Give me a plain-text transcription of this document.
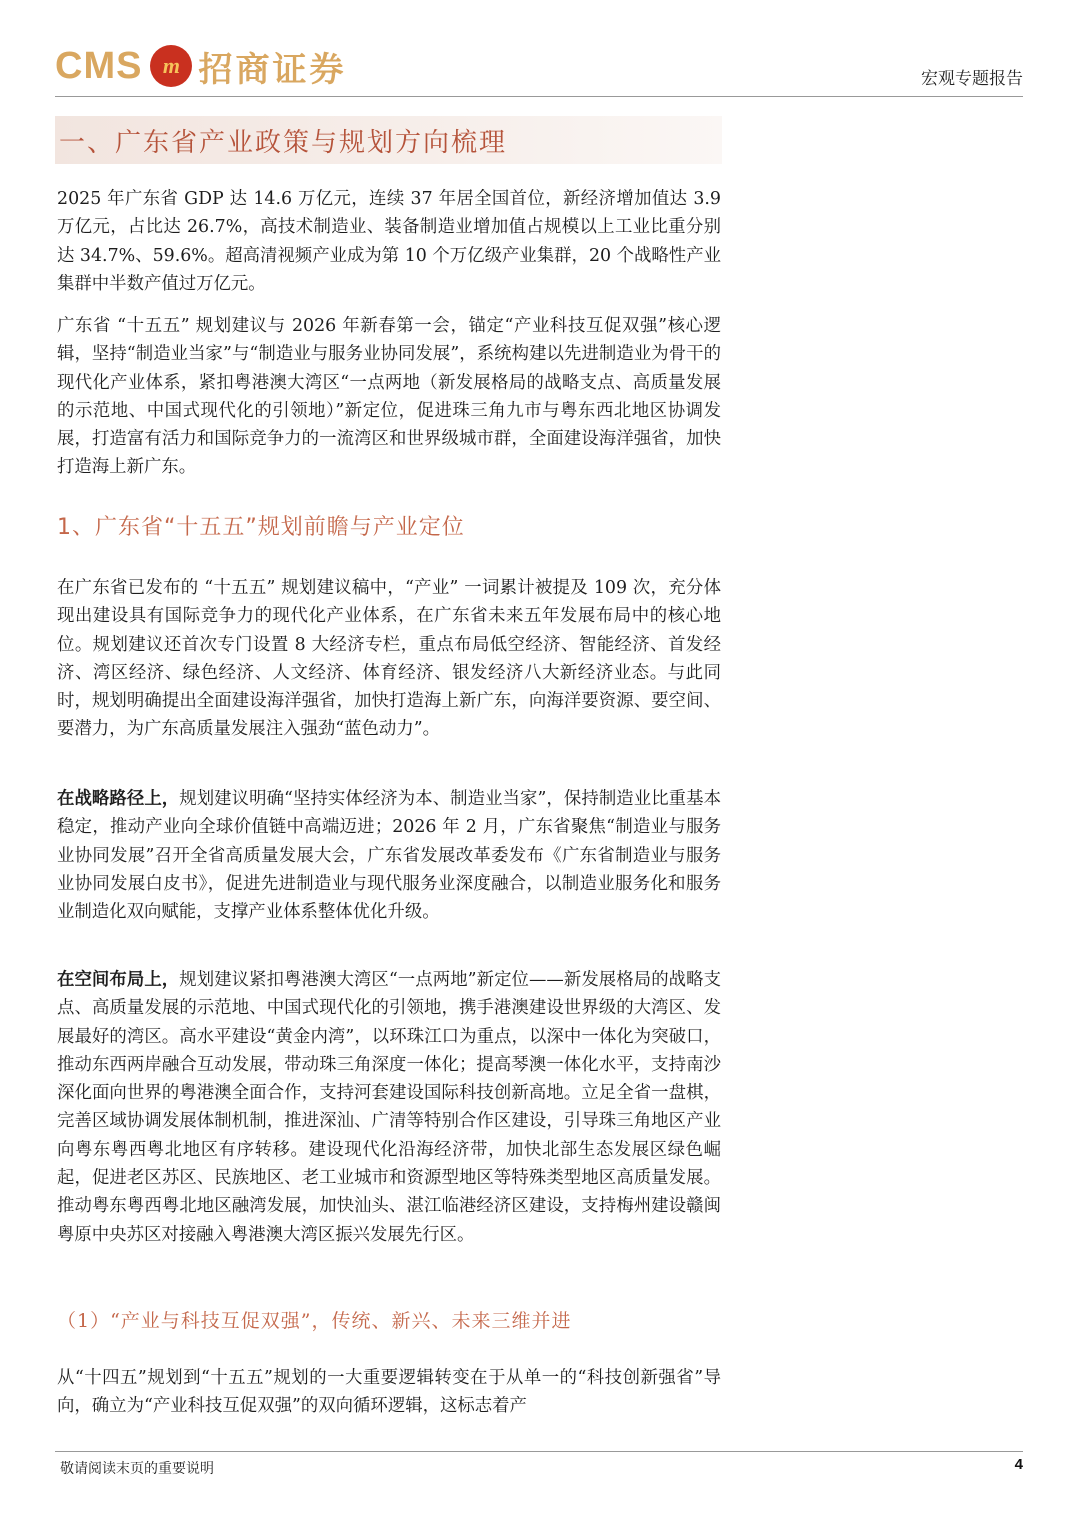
CMS m 招商证券	宏观专题报告
一、广东省产业政策与规划方向梳理

2025 年广东省 GDP 达 14.6 万亿元，连续 37 年居全国首位，新经济增加值达 3.9 万亿元，占比达 26.7%，高技术制造业、装备制造业增加值占规模以上工业比重分别达 34.7%、59.6%。超高清视频产业成为第 10 个万亿级产业集群，20 个战略性产业集群中半数产值过万亿元。

广东省 “十五五” 规划建议与 2026 年新春第一会，锚定“产业科技互促双强”核心逻辑，坚持“制造业当家”与“制造业与服务业协同发展”，系统构建以先进制造业为骨干的现代化产业体系，紧扣粤港澳大湾区“一点两地（新发展格局的战略支点、高质量发展的示范地、中国式现代化的引领地）”新定位，促进珠三角九市与粤东西北地区协调发展，打造富有活力和国际竞争力的一流湾区和世界级城市群，全面建设海洋强省，加快打造海上新广东。

1、广东省“十五五”规划前瞻与产业定位

在广东省已发布的 “十五五” 规划建议稿中，“产业” 一词累计被提及 109 次，充分体现出建设具有国际竞争力的现代化产业体系，在广东省未来五年发展布局中的核心地位。规划建议还首次专门设置 8 大经济专栏，重点布局低空经济、智能经济、首发经济、湾区经济、绿色经济、人文经济、体育经济、银发经济八大新经济业态。与此同时，规划明确提出全面建设海洋强省，加快打造海上新广东，向海洋要资源、要空间、要潜力，为广东高质量发展注入强劲“蓝色动力”。

在战略路径上，规划建议明确“坚持实体经济为本、制造业当家”，保持制造业比重基本稳定，推动产业向全球价值链中高端迈进；2026 年 2 月，广东省聚焦“制造业与服务业协同发展”召开全省高质量发展大会，广东省发展改革委发布《广东省制造业与服务业协同发展白皮书》，促进先进制造业与现代服务业深度融合，以制造业服务化和服务业制造化双向赋能，支撑产业体系整体优化升级。

在空间布局上，规划建议紧扣粤港澳大湾区“一点两地”新定位——新发展格局的战略支点、高质量发展的示范地、中国式现代化的引领地，携手港澳建设世界级的大湾区、发展最好的湾区。高水平建设“黄金内湾”，以环珠江口为重点，以深中一体化为突破口，推动东西两岸融合互动发展，带动珠三角深度一体化；提高琴澳一体化水平，支持南沙深化面向世界的粤港澳全面合作，支持河套建设国际科技创新高地。立足全省一盘棋，完善区域协调发展体制机制，推进深汕、广清等特别合作区建设，引导珠三角地区产业向粤东粤西粤北地区有序转移。建设现代化沿海经济带，加快北部生态发展区绿色崛起，促进老区苏区、民族地区、老工业城市和资源型地区等特殊类型地区高质量发展。推动粤东粤西粤北地区融湾发展，加快汕头、湛江临港经济区建设，支持梅州建设赣闽粤原中央苏区对接融入粤港澳大湾区振兴发展先行区。

（1）“产业与科技互促双强”，传统、新兴、未来三维并进

从“十四五”规划到“十五五”规划的一大重要逻辑转变在于从单一的“科技创新强省”导向，确立为“产业科技互促双强”的双向循环逻辑，这标志着产

敬请阅读末页的重要说明	4
